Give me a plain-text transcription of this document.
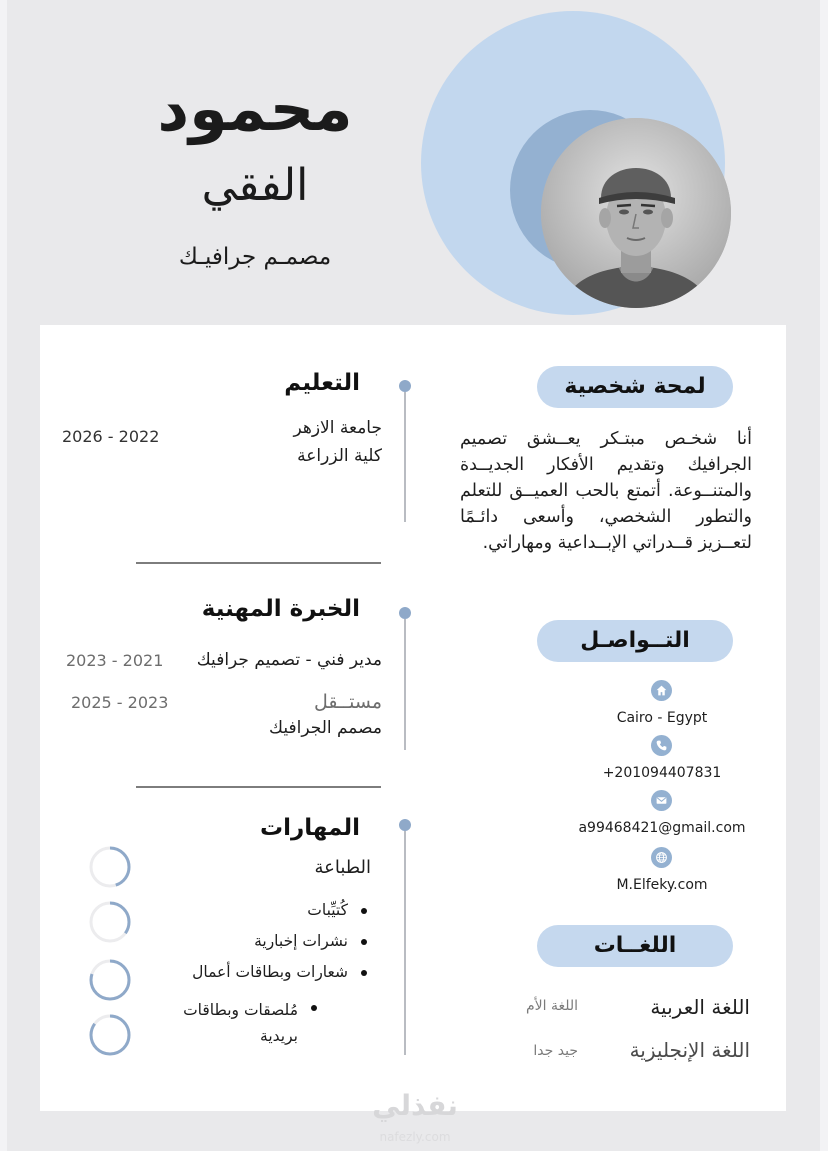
محمود
الفقي
مصمـم جرافيـك
التعليم
جامعة الازهر
كلية الزراعة
2026 - 2022
الخبرة المهنية
مدير فني - تصميم جرافيك
2023 - 2021
مستــقل
مصمم الجرافيك
2025 - 2023
المهارات
الطباعة
كُتيِّبات
نشرات إخبارية
شعارات وبطاقات أعمال
مُلصقات وبطاقات بريدية
لمحة شخصية
أنا شخـص مبتـكر يعــشق تصميم الجرافيك وتقديم الأفكار الجديــدة والمتنــوعة. أتمتع بالحب العميــق للتعلم والتطور الشخصي، وأسعى دائـمًا لتعــزيز قــدراتي الإبــداعية ومهاراتي.
التــواصـل
Cairo - Egypt
+201094407831
a99468421@gmail.com
M.Elfeky.com
اللغــات
اللغة العربية
اللغة الأم
اللغة الإنجليزية
جيد جدا
نفذلي
nafezly.com
